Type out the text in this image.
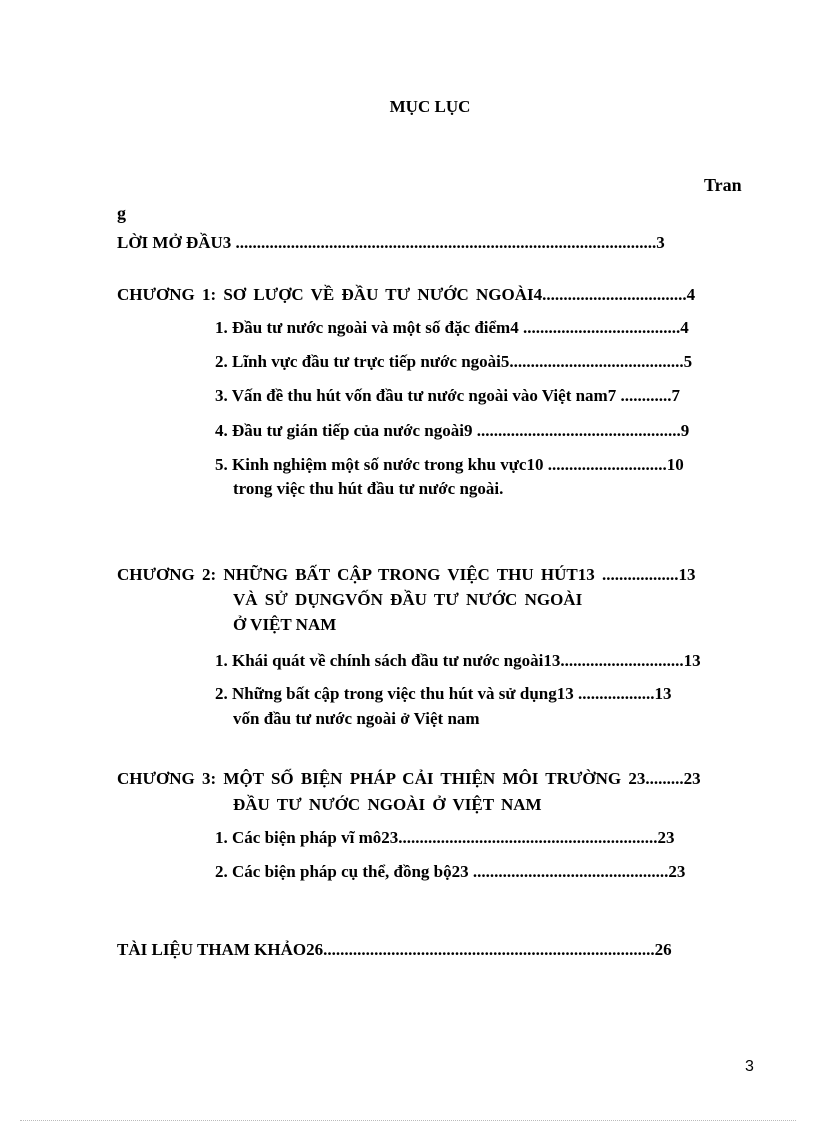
MỤC LỤC
Tran
g
LỜI MỞ ĐẦU3 ...................................................................................................3
CHƯƠNG 1: SƠ LƯỢC VỀ ĐẦU TƯ NƯỚC NGOÀI4..................................4
1. Đầu tư nước ngoài và một số đặc điểm4 .....................................4
2. Lĩnh vực đầu tư trực tiếp nước ngoài5.........................................5
3. Vấn đề thu hút vốn đầu tư nước ngoài vào Việt nam7 ............7
4. Đầu tư gián tiếp của nước ngoài9 ................................................9
5. Kinh nghiệm một số nước trong khu vực10 ............................10
trong việc thu hút đầu tư nước ngoài.
CHƯƠNG 2: NHỮNG BẤT CẬP TRONG VIỆC THU HÚT13 ..................13
VÀ SỬ DỤNGVỐN ĐẦU TƯ NƯỚC NGOÀI
Ở VIỆT NAM
1. Khái quát về chính sách đầu tư nước ngoài13.............................13
2. Những bất cập trong việc thu hút và sử dụng13 ..................13
vốn đầu tư nước ngoài ở Việt nam
CHƯƠNG 3: MỘT SỐ BIỆN PHÁP CẢI THIỆN MÔI TRƯỜNG 23.........23
ĐẦU TƯ NƯỚC NGOÀI Ở VIỆT NAM
1. Các biện pháp vĩ mô23.............................................................23
2. Các biện pháp cụ thể, đồng bộ23 ..............................................23
TÀI LIỆU THAM KHẢO26..............................................................................26
3
